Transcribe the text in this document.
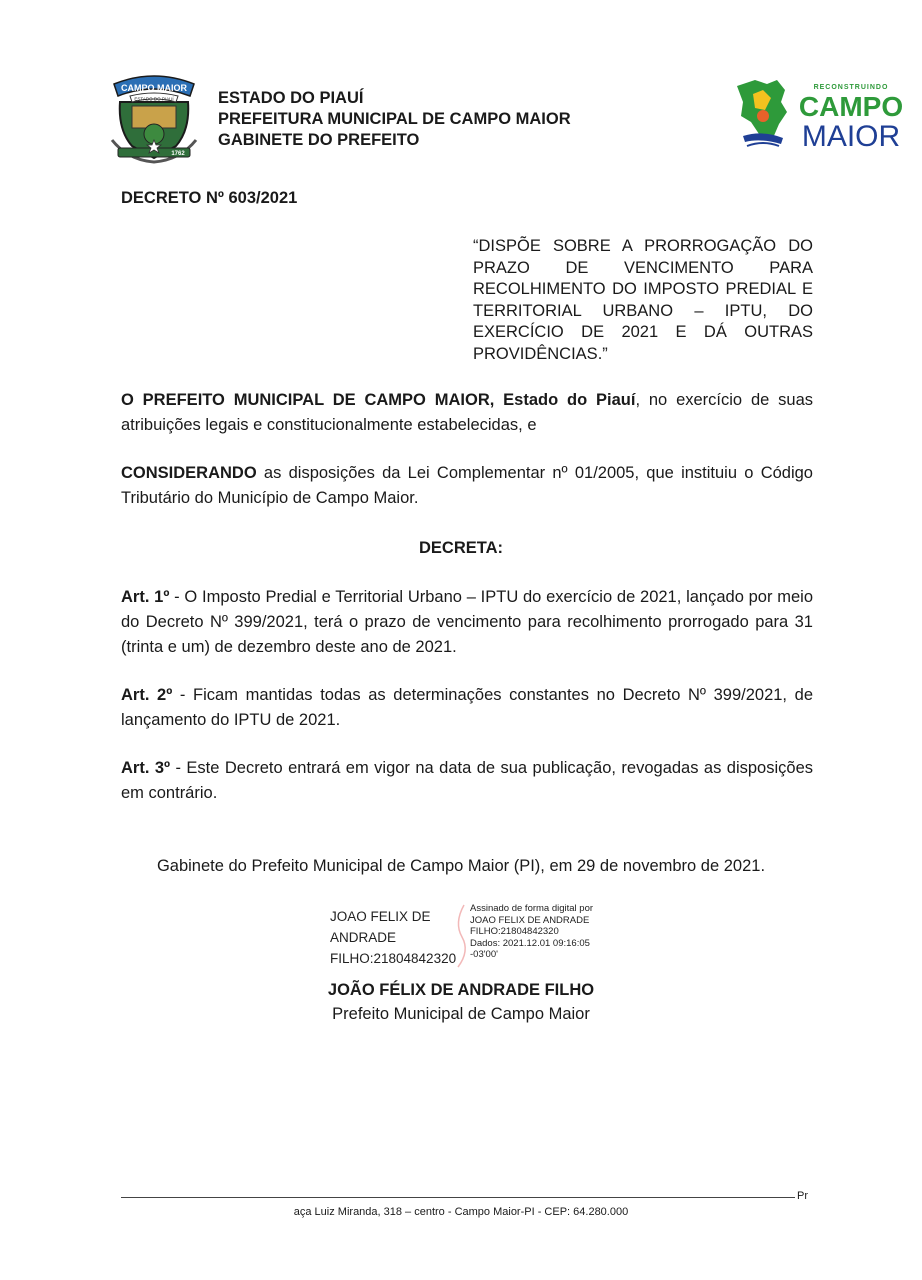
CAMPO MAIOR
ESTADO DO PIAUÍ
1762
ESTADO DO PIAUÍ
PREFEITURA MUNICIPAL DE CAMPO MAIOR
GABINETE DO PREFEITO
RECONSTRUINDO
CAMPO
MAIOR
DECRETO Nº 603/2021
“DISPÕE SOBRE A PRORROGAÇÃO DO PRAZO DE VENCIMENTO PARA RECOLHIMENTO DO IMPOSTO PREDIAL E TERRITORIAL URBANO – IPTU, DO EXERCÍCIO DE 2021 E DÁ OUTRAS PROVIDÊNCIAS.”
O PREFEITO MUNICIPAL DE CAMPO MAIOR, Estado do Piauí, no exercício de suas atribuições legais e constitucionalmente estabelecidas, e
CONSIDERANDO as disposições da Lei Complementar nº 01/2005, que instituiu o Código Tributário do Município de Campo Maior.
DECRETA:
Art. 1º - O Imposto Predial e Territorial Urbano – IPTU do exercício de 2021, lançado por meio do Decreto Nº 399/2021, terá o prazo de vencimento para recolhimento prorrogado para 31 (trinta e um) de dezembro deste ano de 2021.
Art. 2º - Ficam mantidas todas as determinações constantes no Decreto Nº 399/2021, de lançamento do IPTU de 2021.
Art. 3º - Este Decreto entrará em vigor na data de sua publicação, revogadas as disposições em contrário.
Gabinete do Prefeito Municipal de Campo Maior (PI), em 29 de novembro de 2021.
JOAO FELIX DE
ANDRADE
FILHO:21804842320
Assinado de forma digital por
JOAO FELIX DE ANDRADE
FILHO:21804842320
Dados: 2021.12.01 09:16:05
-03'00'
JOÃO FÉLIX DE ANDRADE FILHO
Prefeito Municipal de Campo Maior
Pr
aça Luiz Miranda, 318 – centro - Campo Maior-PI - CEP: 64.280.000
